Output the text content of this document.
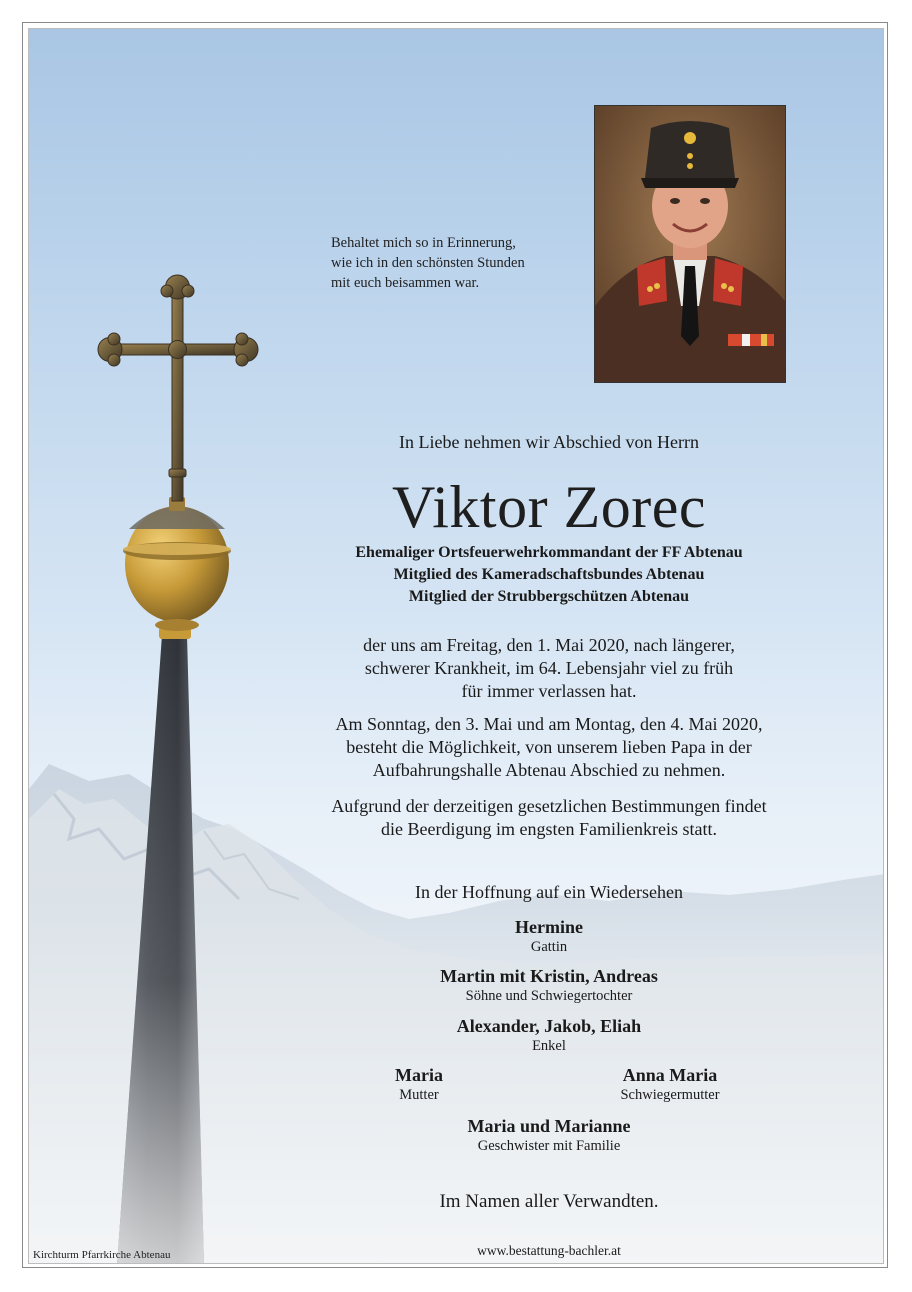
Behaltet mich so in Erinnerung,
wie ich in den schönsten Stunden
mit euch beisammen war.
In Liebe nehmen wir Abschied von Herrn
Viktor Zorec
Ehemaliger Ortsfeuerwehrkommandant der FF Abtenau
Mitglied des Kameradschaftsbundes Abtenau
Mitglied der Strubbergschützen Abtenau
der uns am Freitag, den 1. Mai 2020, nach längerer,
schwerer Krankheit, im 64. Lebensjahr viel zu früh
für immer verlassen hat.
Am Sonntag, den 3. Mai und am Montag, den 4. Mai 2020,
besteht die Möglichkeit, von unserem lieben Papa in der
Aufbahrungshalle Abtenau Abschied zu nehmen.
Aufgrund der derzeitigen gesetzlichen Bestimmungen findet
die Beerdigung im engsten Familienkreis statt.
In der Hoffnung auf ein Wiedersehen
Hermine
Gattin
Martin mit Kristin, Andreas
Söhne und Schwiegertochter
Alexander, Jakob, Eliah
Enkel
Maria
Mutter
Anna Maria
Schwiegermutter
Maria und Marianne
Geschwister mit Familie
Im Namen aller Verwandten.
www.bestattung-bachler.at
Kirchturm Pfarrkirche Abtenau
